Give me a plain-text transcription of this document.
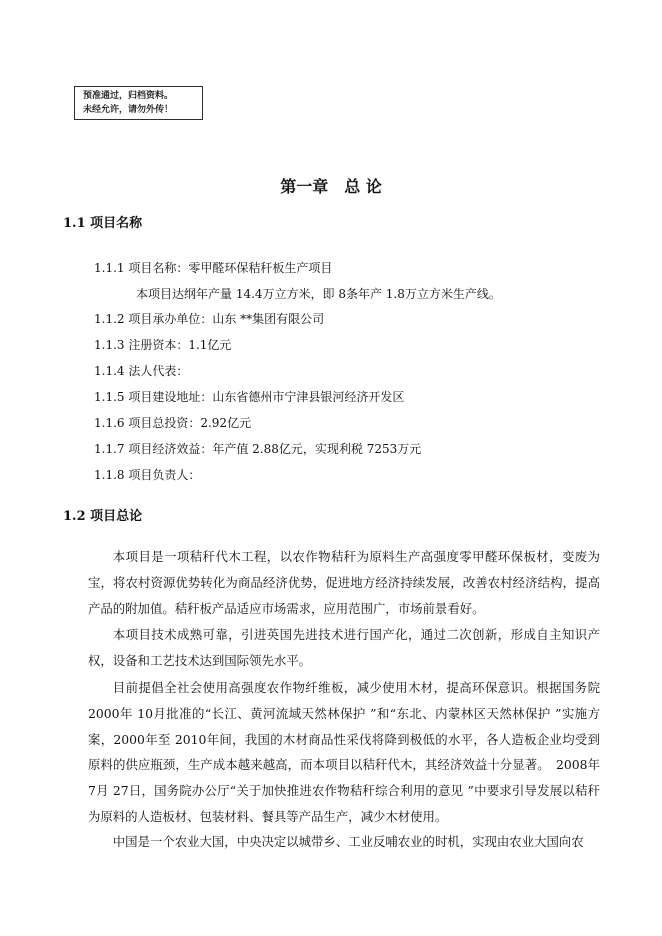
预准通过，归档资料。
未经允许，请勿外传！
第一章　总 论
1.1 项目名称
1.1.1 项目名称：零甲醛环保秸秆板生产项目
本项目达纲年产量 14.4万立方米，即 8条年产 1.8万立方米生产线。
1.1.2 项目承办单位：山东 **集团有限公司
1.1.3 注册资本：1.1亿元
1.1.4 法人代表：
1.1.5 项目建设地址：山东省德州市宁津县银河经济开发区
1.1.6 项目总投资：2.92亿元
1.1.7 项目经济效益：年产值 2.88亿元，实现利税 7253万元
1.1.8 项目负责人：
1.2 项目总论
本项目是一项秸秆代木工程，以农作物秸秆为原料生产高强度零甲醛环保板材，变废为宝，将农村资源优势转化为商品经济优势，促进地方经济持续发展，改善农村经济结构，提高产品的附加值。秸秆板产品适应市场需求，应用范围广，市场前景看好。
本项目技术成熟可靠，引进英国先进技术进行国产化，通过二次创新，形成自主知识产权，设备和工艺技术达到国际领先水平。
目前提倡全社会使用高强度农作物纤维板，减少使用木材，提高环保意识。根据国务院 2000年 10月批准的“长江、黄河流域天然林保护 ”和“东北、内蒙林区天然林保护 ”实施方案，2000年至 2010年间，我国的木材商品性采伐将降到极低的水平，各人造板企业均受到原料的供应瓶颈，生产成本越来越高，而本项目以秸秆代木，其经济效益十分显著。　2008年 7月 27日，国务院办公厅“关于加快推进农作物秸秆综合利用的意见 ”中要求引导发展以秸秆为原料的人造板材、包装材料、餐具等产品生产，减少木材使用。
中国是一个农业大国，中央决定以城带乡、工业反哺农业的时机，实现由农业大国向农
